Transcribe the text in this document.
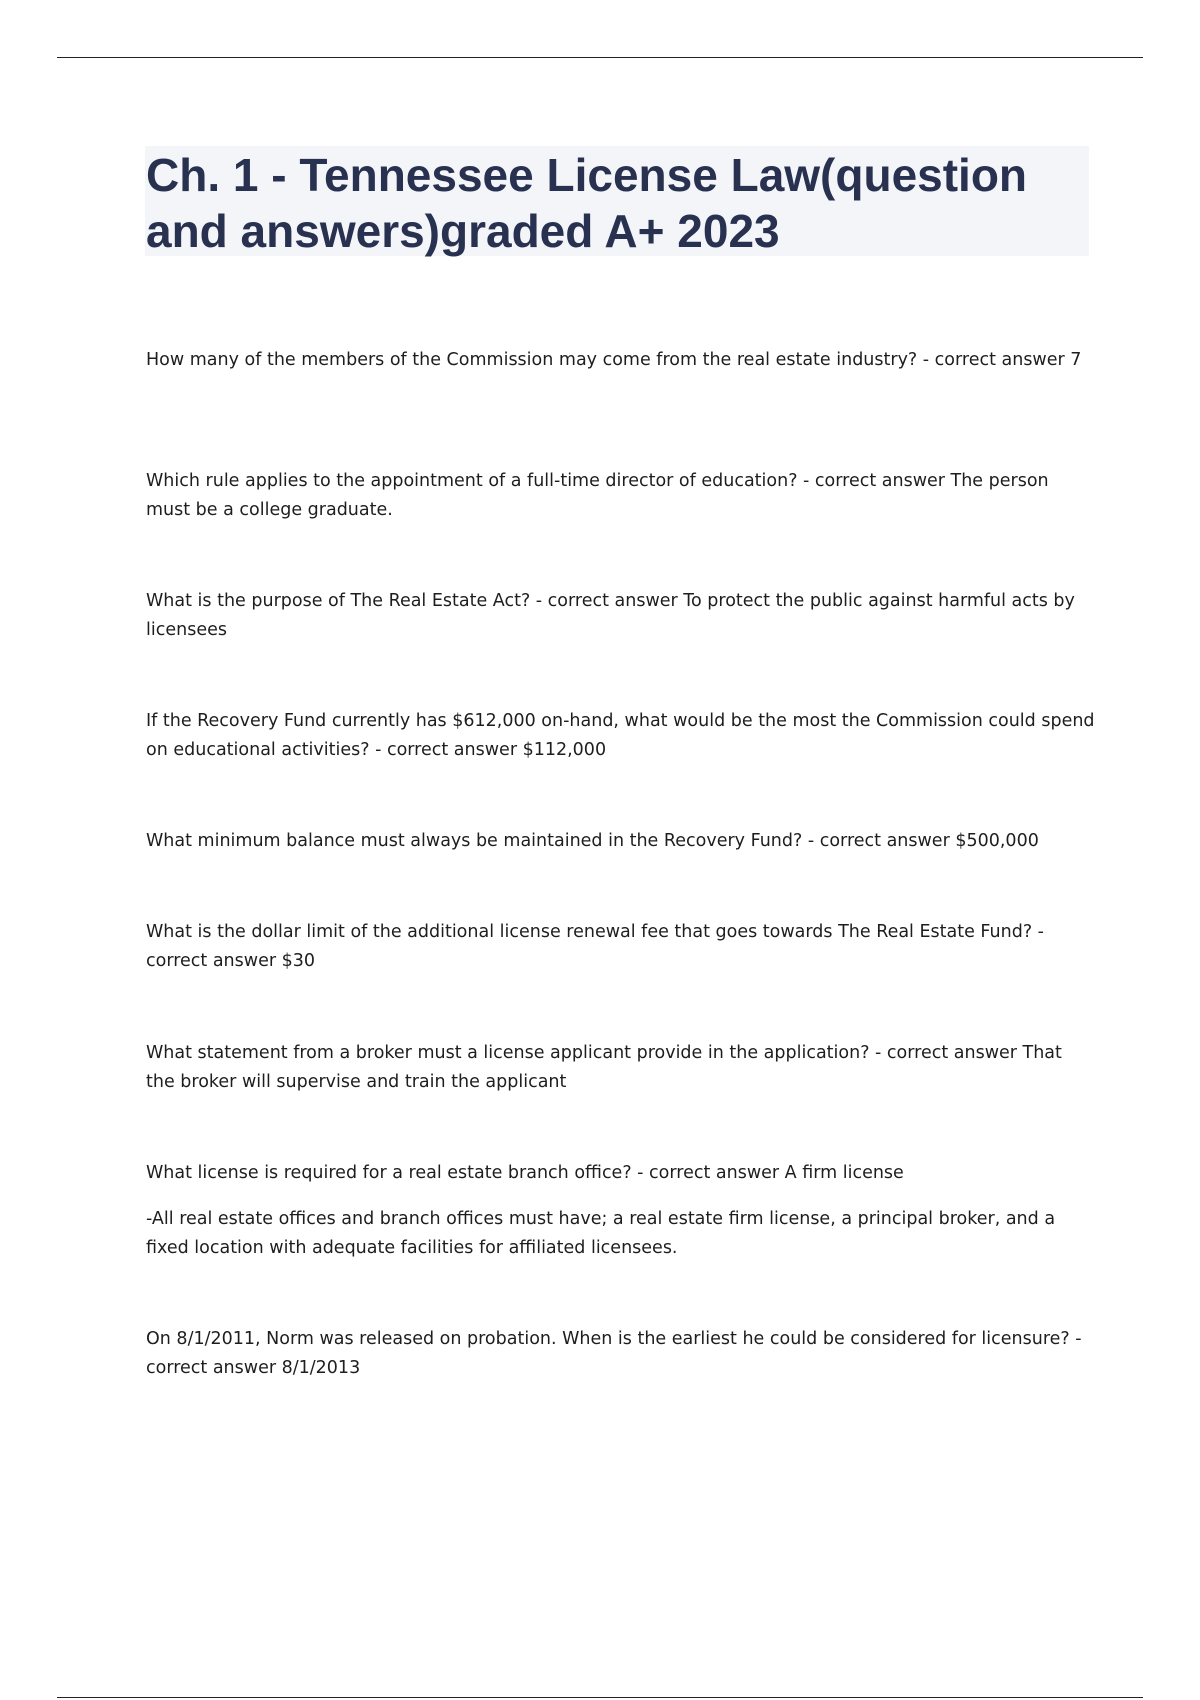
Ch. 1 - Tennessee License Law(question and answers)graded A+ 2023

How many of the members of the Commission may come from the real estate industry? - correct answer 7

Which rule applies to the appointment of a full-time director of education? - correct answer The person must be a college graduate.

What is the purpose of The Real Estate Act? - correct answer To protect the public against harmful acts by licensees

If the Recovery Fund currently has $612,000 on-hand, what would be the most the Commission could spend on educational activities? - correct answer $112,000

What minimum balance must always be maintained in the Recovery Fund? - correct answer $500,000

What is the dollar limit of the additional license renewal fee that goes towards The Real Estate Fund? - correct answer $30

What statement from a broker must a license applicant provide in the application? - correct answer That the broker will supervise and train the applicant

What license is required for a real estate branch office? - correct answer A firm license

-All real estate offices and branch offices must have; a real estate firm license, a principal broker, and a fixed location with adequate facilities for affiliated licensees.

On 8/1/2011, Norm was released on probation. When is the earliest he could be considered for licensure? - correct answer 8/1/2013
